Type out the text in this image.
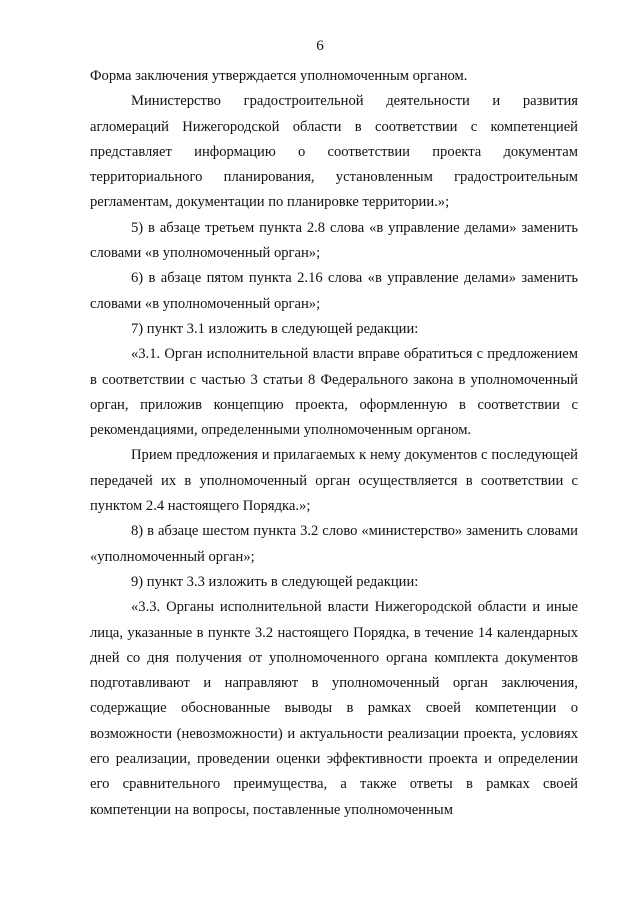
6

Форма заключения утверждается уполномоченным органом.

Министерство градостроительной деятельности и развития агломераций Нижегородской области в соответствии с компетенцией представляет информацию о соответствии проекта документам территориального планирования, установленным градостроительным регламентам, документации по планировке территории.»;

5) в абзаце третьем пункта 2.8 слова «в управление делами» заменить словами «в уполномоченный орган»;

6) в абзаце пятом пункта 2.16 слова «в управление делами» заменить словами «в уполномоченный орган»;

7) пункт 3.1 изложить в следующей редакции:

«3.1. Орган исполнительной власти вправе обратиться с предложением в соответствии с частью 3 статьи 8 Федерального закона в уполномоченный орган, приложив концепцию проекта, оформленную в соответствии с рекомендациями, определенными уполномоченным органом.

Прием предложения и прилагаемых к нему документов с последующей передачей их в уполномоченный орган осуществляется в соответствии с пунктом 2.4 настоящего Порядка.»;

8) в абзаце шестом пункта 3.2 слово «министерство» заменить словами «уполномоченный орган»;

9) пункт 3.3 изложить в следующей редакции:

«3.3. Органы исполнительной власти Нижегородской области и иные лица, указанные в пункте 3.2 настоящего Порядка, в течение 14 календарных дней со дня получения от уполномоченного органа комплекта документов подготавливают и направляют в уполномоченный орган заключения, содержащие обоснованные выводы в рамках своей компетенции о возможности (невозможности) и актуальности реализации проекта, условиях его реализации, проведении оценки эффективности проекта и определении его сравнительного преимущества, а также ответы в рамках своей компетенции на вопросы, поставленные уполномоченным
